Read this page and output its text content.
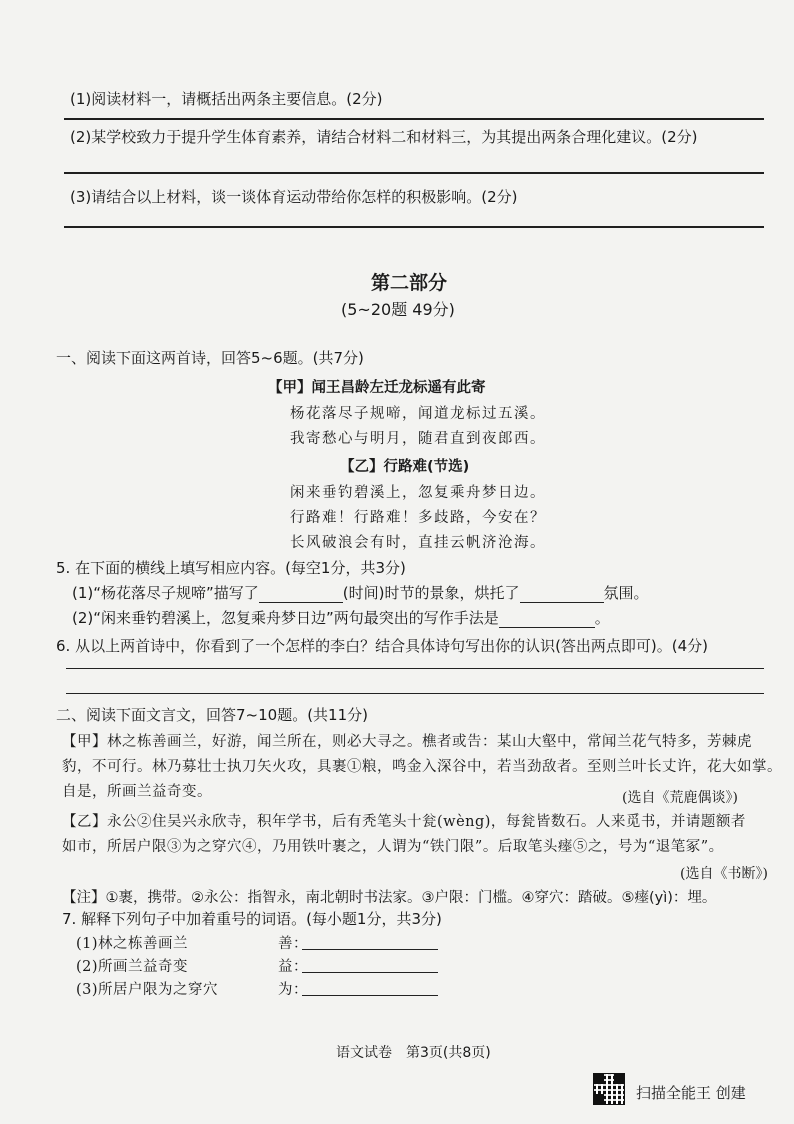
(1)阅读材料一，请概括出两条主要信息。(2分)
(2)某学校致力于提升学生体育素养，请结合材料二和材料三，为其提出两条合理化建议。(2分)
(3)请结合以上材料，谈一谈体育运动带给你怎样的积极影响。(2分)
第二部分
(5~20题 49分)
一、阅读下面这两首诗，回答5~6题。(共7分)
【甲】闻王昌龄左迁龙标遥有此寄
杨花落尽子规啼，闻道龙标过五溪。
我寄愁心与明月，随君直到夜郎西。
【乙】行路难(节选)
闲来垂钓碧溪上，忽复乘舟梦日边。
行路难！行路难！多歧路，今安在？
长风破浪会有时，直挂云帆济沧海。
5. 在下面的横线上填写相应内容。(每空1分，共3分)
(1)“杨花落尽子规啼”描写了	(时间)时节的景象，烘托了	氛围。
(2)“闲来垂钓碧溪上，忽复乘舟梦日边”两句最突出的写作手法是	。
6. 从以上两首诗中，你看到了一个怎样的李白？结合具体诗句写出你的认识(答出两点即可)。(4分)
二、阅读下面文言文，回答7~10题。(共11分)
【甲】林之栋善画兰，好游，闻兰所在，则必大寻之。樵者或告：某山大壑中，常闻兰花气特多，芳棘虎
豹，不可行。林乃募壮士执刀矢火攻，具裹①粮，鸣金入深谷中，若当劲敌者。至则兰叶长丈许，花大如掌。
自是，所画兰益奇变。	(选自《荒鹿偶谈》)
【乙】永公②住吴兴永欣寺，积年学书，后有秃笔头十瓮(wèng)，每瓮皆数石。人来觅书，并请题额者
如市，所居户限③为之穿穴④，乃用铁叶裹之，人谓为“铁门限”。后取笔头瘗⑤之，号为“退笔冢”。
(选自《书断》)
【注】①裹，携带。②永公：指智永，南北朝时书法家。③户限：门槛。④穿穴：踏破。⑤瘗(yì)：埋。
7. 解释下列句子中加着重号的词语。(每小题1分，共3分)
(1)林之栋善画兰	善：
(2)所画兰益奇变	益：
(3)所居户限为之穿穴	为：
语文试卷 第3页(共8页)
扫描全能王 创建
